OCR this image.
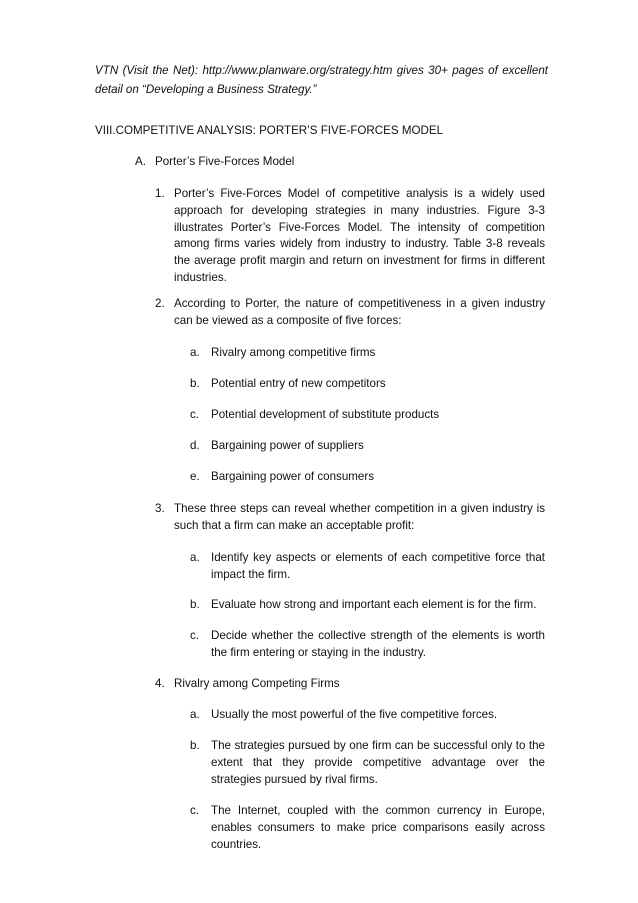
VTN (Visit the Net): http://www.planware.org/strategy.htm gives 30+ pages of excellent detail on “Developing a Business Strategy.”
VIII.COMPETITIVE ANALYSIS: PORTER’S FIVE-FORCES MODEL
A. Porter’s Five-Forces Model
1. Porter’s Five-Forces Model of competitive analysis is a widely used approach for developing strategies in many industries. Figure 3-3 illustrates Porter’s Five-Forces Model. The intensity of competition among firms varies widely from industry to industry. Table 3-8 reveals the average profit margin and return on investment for firms in different industries.
2. According to Porter, the nature of competitiveness in a given industry can be viewed as a composite of five forces:
a. Rivalry among competitive firms
b. Potential entry of new competitors
c. Potential development of substitute products
d. Bargaining power of suppliers
e. Bargaining power of consumers
3. These three steps can reveal whether competition in a given industry is such that a firm can make an acceptable profit:
a. Identify key aspects or elements of each competitive force that impact the firm.
b. Evaluate how strong and important each element is for the firm.
c. Decide whether the collective strength of the elements is worth the firm entering or staying in the industry.
4. Rivalry among Competing Firms
a. Usually the most powerful of the five competitive forces.
b. The strategies pursued by one firm can be successful only to the extent that they provide competitive advantage over the strategies pursued by rival firms.
c. The Internet, coupled with the common currency in Europe, enables consumers to make price comparisons easily across countries.
